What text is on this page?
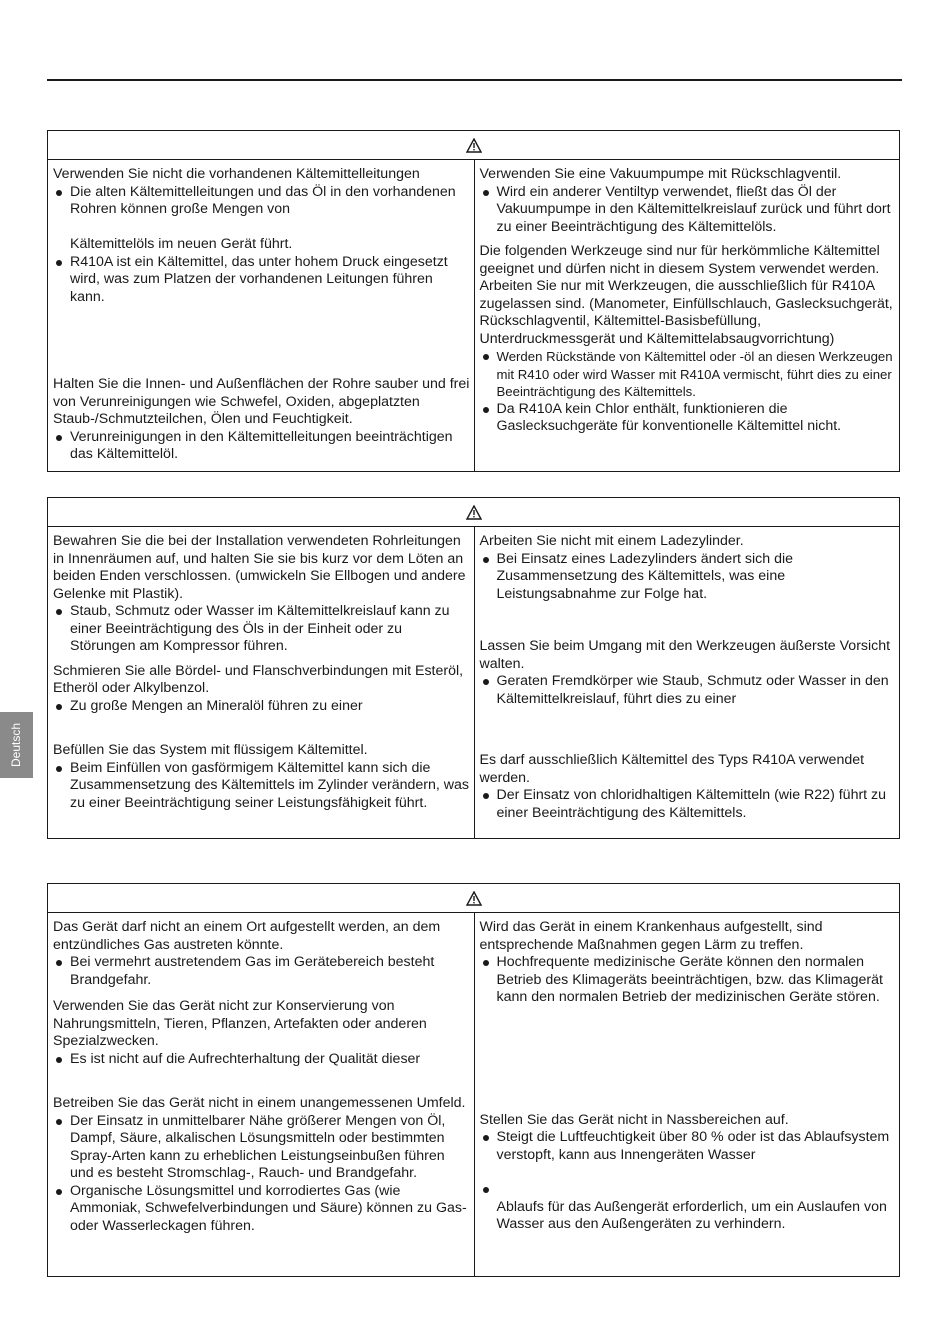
Deutsch

Verwenden Sie nicht die vorhandenen Kältemittelleitungen

Die alten Kältemittelleitungen und das Öl in den vorhandenen Rohren können große Mengen von

Kältemittelöls im neuen Gerät führt.

R410A ist ein Kältemittel, das unter hohem Druck eingesetzt wird, was zum Platzen der vorhandenen Leitungen führen kann.

Halten Sie die Innen- und Außenflächen der Rohre sauber und frei von Verunreinigungen wie Schwefel, Oxiden, abgeplatzten Staub-/Schmutzteilchen, Ölen und Feuchtigkeit.

Verunreinigungen in den Kältemittelleitungen beeinträchtigen das Kältemittelöl.

Verwenden Sie eine Vakuumpumpe mit Rückschlagventil.

Wird ein anderer Ventiltyp verwendet, fließt das Öl der Vakuumpumpe in den Kältemittelkreislauf zurück und führt dort zu einer Beeinträchtigung des Kältemittelöls.

Die folgenden Werkzeuge sind nur für herkömmliche Kältemittel geeignet und dürfen nicht in diesem System verwendet werden. Arbeiten Sie nur mit Werkzeugen, die ausschließlich für R410A zugelassen sind. (Manometer, Einfüllschlauch, Gaslecksuchgerät, Rückschlagventil, Kältemittel-Basisbefüllung, Unterdruckmessgerät und Kältemittelabsaugvorrichtung)

Werden Rückstände von Kältemittel oder -öl an diesen Werkzeugen mit R410 oder wird Wasser mit R410A vermischt, führt dies zu einer Beeinträchtigung des Kältemittels.
Da R410A kein Chlor enthält, funktionieren die Gaslecksuchgeräte für konventionelle Kältemittel nicht.

Bewahren Sie die bei der Installation verwendeten Rohrleitungen in Innenräumen auf, und halten Sie sie bis kurz vor dem Löten an beiden Enden verschlossen. (umwickeln Sie Ellbogen und andere Gelenke mit Plastik).

Staub, Schmutz oder Wasser im Kältemittelkreislauf kann zu einer Beeinträchtigung des Öls in der Einheit oder zu Störungen am Kompressor führen.

Schmieren Sie alle Bördel- und Flanschverbindungen mit Esteröl, Etheröl oder Alkylbenzol.

Zu große Mengen an Mineralöl führen zu einer

Befüllen Sie das System mit flüssigem Kältemittel.

Beim Einfüllen von gasförmigem Kältemittel kann sich die Zusammensetzung des Kältemittels im Zylinder verändern, was zu einer Beeinträchtigung seiner Leistungsfähigkeit führt.

Arbeiten Sie nicht mit einem Ladezylinder.

Bei Einsatz eines Ladezylinders ändert sich die Zusammensetzung des Kältemittels, was eine Leistungsabnahme zur Folge hat.

Lassen Sie beim Umgang mit den Werkzeugen äußerste Vorsicht walten.

Geraten Fremdkörper wie Staub, Schmutz oder Wasser in den Kältemittelkreislauf, führt dies zu einer

Es darf ausschließlich Kältemittel des Typs R410A verwendet werden.

Der Einsatz von chloridhaltigen Kältemitteln (wie R22) führt zu einer Beeinträchtigung des Kältemittels.

Das Gerät darf nicht an einem Ort aufgestellt werden, an dem entzündliches Gas austreten könnte.

Bei vermehrt austretendem Gas im Gerätebereich besteht Brandgefahr.

Verwenden Sie das Gerät nicht zur Konservierung von Nahrungsmitteln, Tieren, Pflanzen, Artefakten oder anderen Spezialzwecken.

Es ist nicht auf die Aufrechterhaltung der Qualität dieser

Betreiben Sie das Gerät nicht in einem unangemessenen Umfeld.

Der Einsatz in unmittelbarer Nähe größerer Mengen von Öl, Dampf, Säure, alkalischen Lösungsmitteln oder bestimmten Spray-Arten kann zu erheblichen Leistungseinbußen führen und es besteht Stromschlag-, Rauch- und Brandgefahr.
Organische Lösungsmittel und korrodiertes Gas (wie Ammoniak, Schwefelverbindungen und Säure) können zu Gas- oder Wasserleckagen führen.

Wird das Gerät in einem Krankenhaus aufgestellt, sind entsprechende Maßnahmen gegen Lärm zu treffen.

Hochfrequente medizinische Geräte können den normalen Betrieb des Klimageräts beeinträchtigen, bzw. das Klimagerät kann den normalen Betrieb der medizinischen Geräte stören.

Stellen Sie das Gerät nicht in Nassbereichen auf.

Steigt die Luftfeuchtigkeit über 80 % oder ist das Ablaufsystem verstopft, kann aus Innengeräten Wasser

Ablaufs für das Außengerät erforderlich, um ein Auslaufen von Wasser aus den Außengeräten zu verhindern.
